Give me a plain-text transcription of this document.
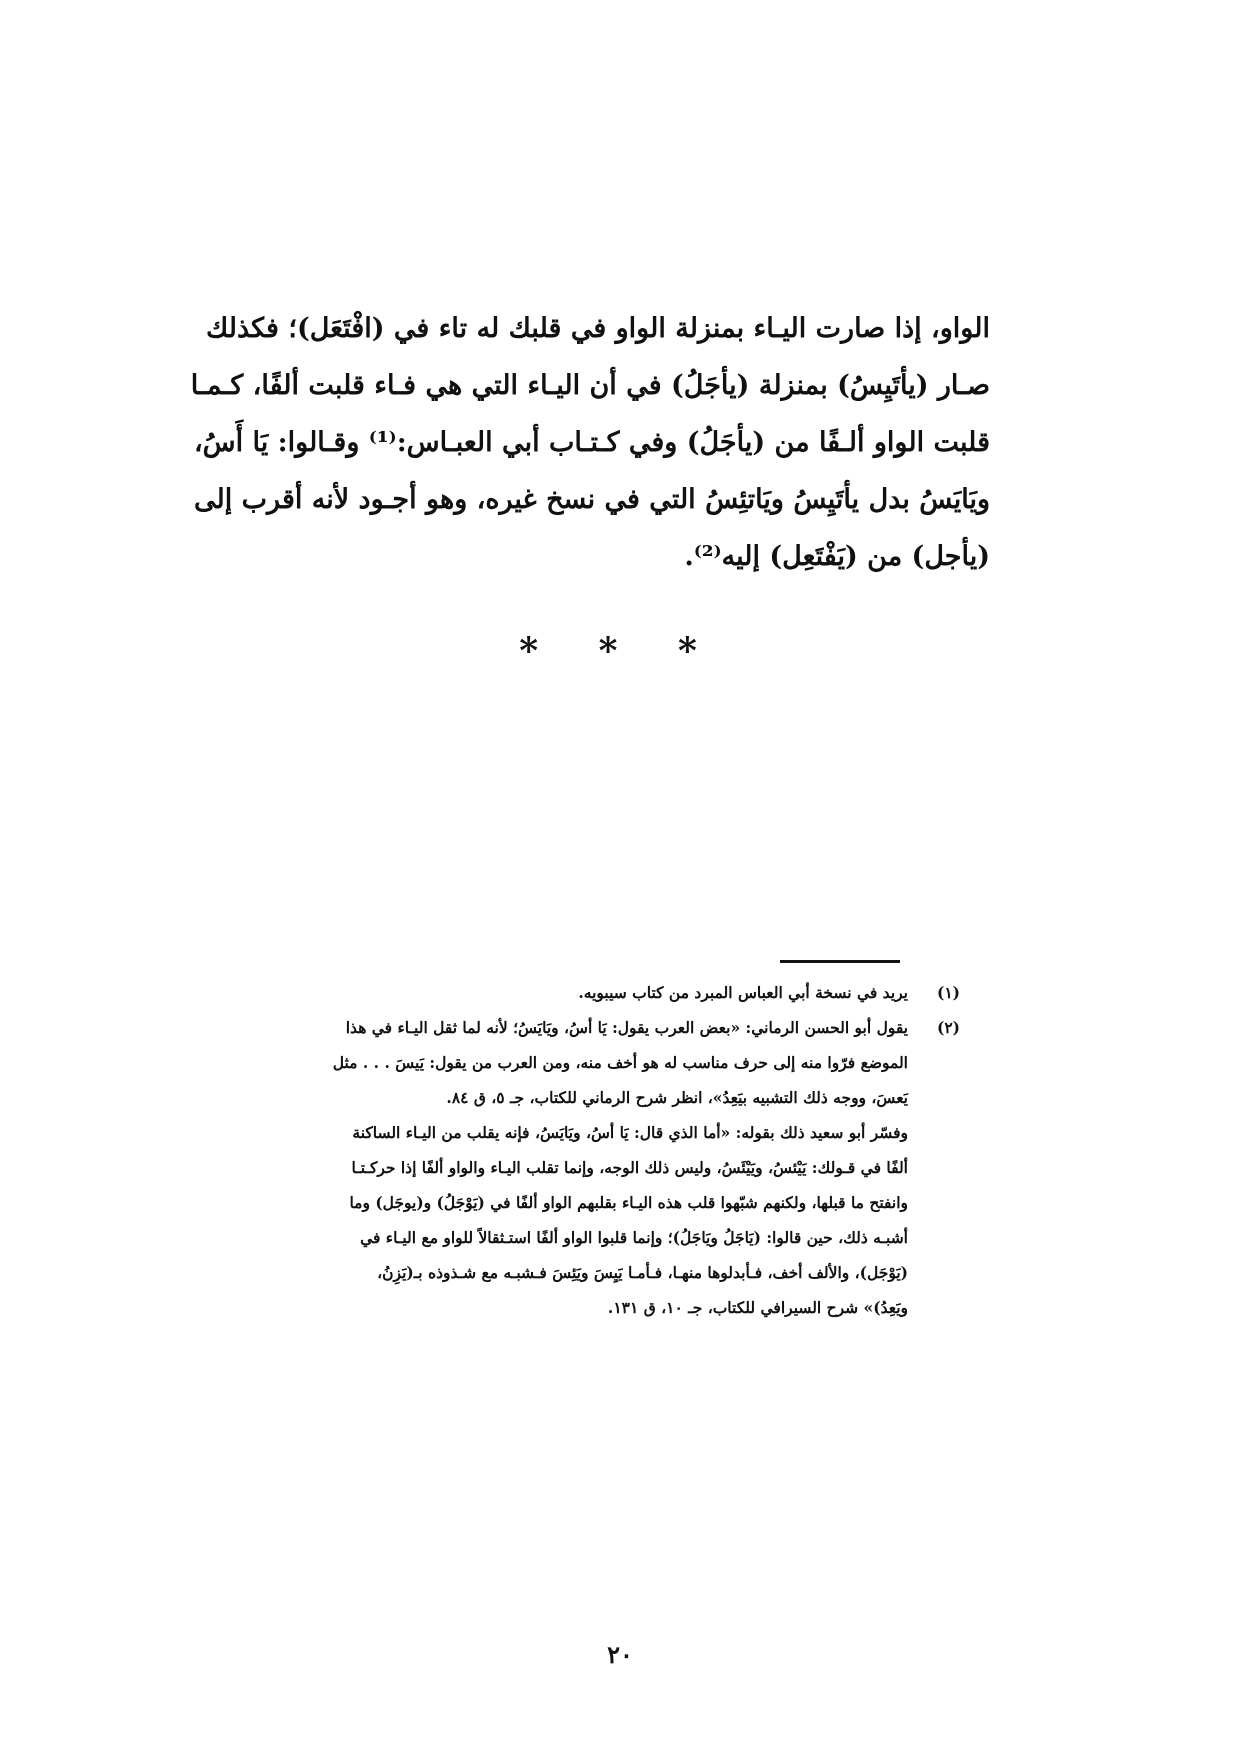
الواو، إذا صارت اليـاء بمنزلة الواو في قلبك له تاء في (افْتَعَل)؛ فكذلك
صـار (يأتَيِسُ) بمنزلة (يأجَلُ) في أن اليـاء التي هي فـاء قلبت ألفًا، كـمـا
قلبت الواو ألـفًا من (يأجَلُ) وفي كـتـاب أبي العبـاس:⁽¹⁾ وقـالوا: يَا أَسُ،
ويَايَسُ بدل يأتَيِسُ ويَاتئِسُ التي في نسخ غيره، وهو أجـود لأنه أقرب إلى
(يأجل) من (يَفْتَعِل) إليه⁽²⁾.
* * *
(١)
يريد في نسخة أبي العباس المبرد من كتاب سيبويه.
(٢)
يقول أبو الحسن الرماني: «بعض العرب يقول: يَا أسُ، ويَايَسُ؛ لأنه لما ثقل اليـاء في هذا
الموضع فرّوا منه إلى حرف مناسب له هو أخف منه، ومن العرب من يقول: يَيسَ . . . مثل
يَعسَ، ووجه ذلك التشبيه بيَعِدُ»، انظر شرح الرماني للكتاب، جـ ٥، ق ٨٤.
وفسّر أبو سعيد ذلك بقوله: «أما الذي قال: يَا أسُ، ويَايَسُ، فإنه يقلب من اليـاء الساكنة
ألفًا في قـولك: يَيْئسُ، ويَيْئَسُ، وليس ذلك الوجه، وإنما تقلب اليـاء والواو ألفًا إذا حركـتـا
وانفتح ما قبلها، ولكنهم شبّهوا قلب هذه اليـاء بقلبهم الواو ألفًا في (يَوْجَلُ) و(يوجَل) وما
أشبـه ذلك، حين قالوا: (يَاجَلُ ويَاجَلُ)؛ وإنما قلبوا الواو ألفًا استـثقالاً للواو مع اليـاء في
(يَوْجَل)، والألف أخف، فـأبدلوها منهـا، فـأمـا يَيِسَ ويَئِسَ فـشبـه مع شـذوذه بـ(يَزِنُ،
ويَعِدُ)» شرح السيرافي للكتاب، جـ ١٠، ق ١٣١.
٢٠
